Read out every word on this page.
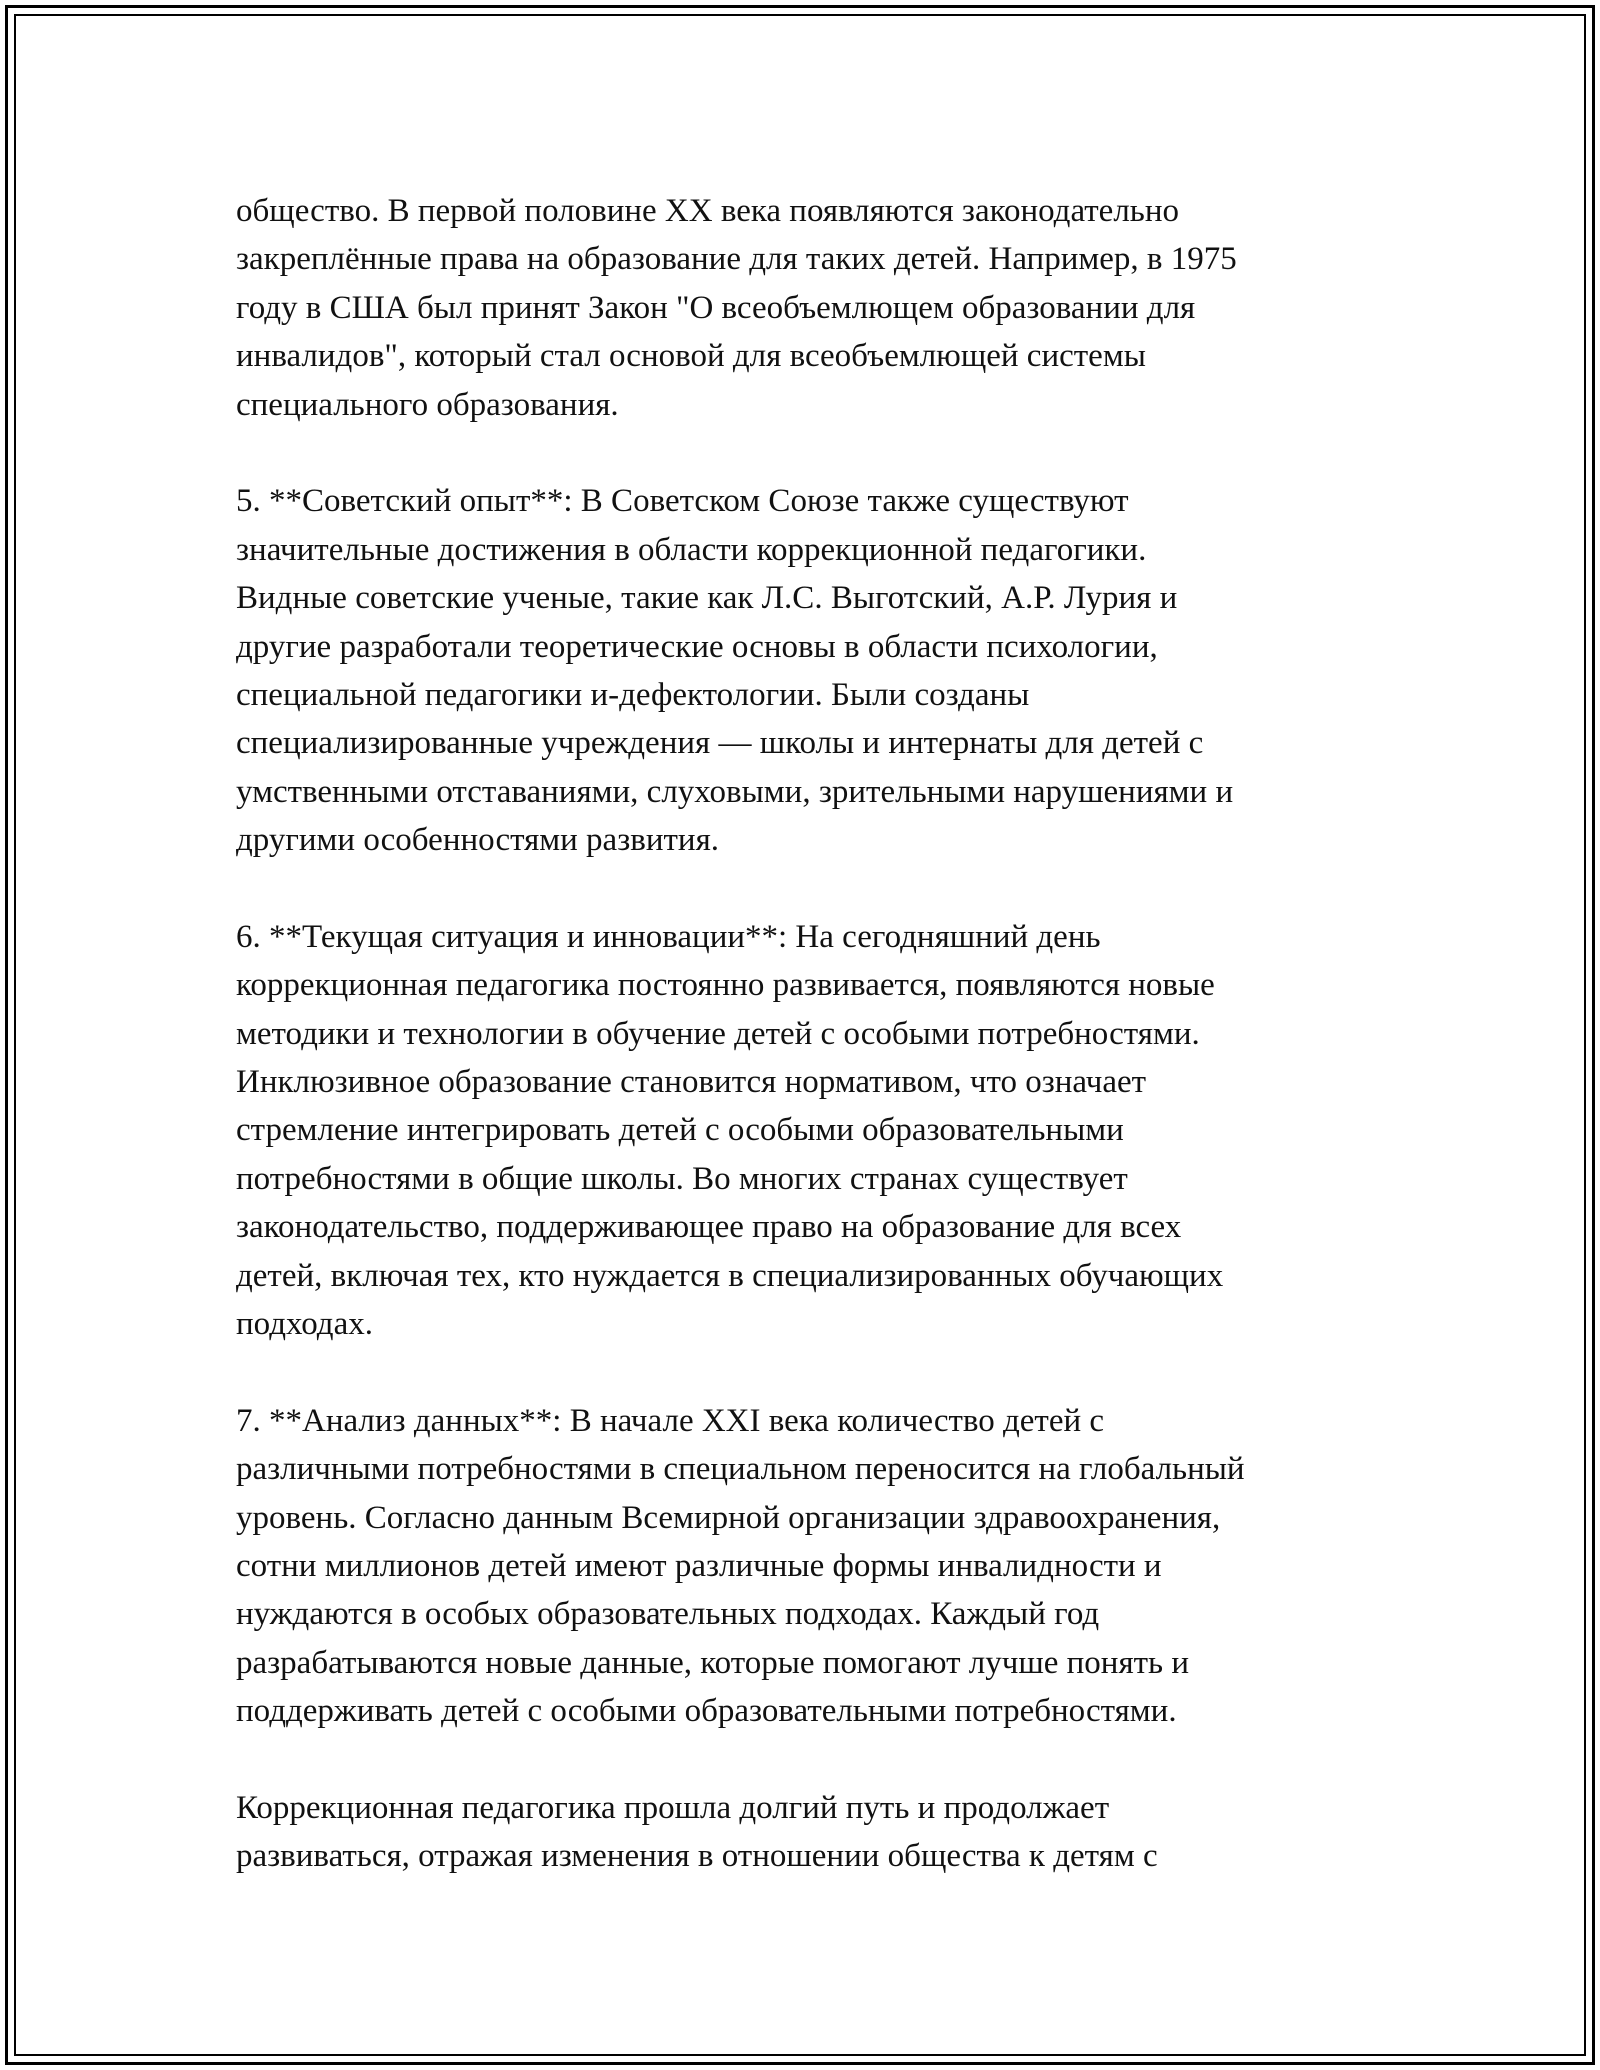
общество. В первой половине XX века появляются законодательно
закреплённые права на образование для таких детей. Например, в 1975
году в США был принят Закон "О всеобъемлющем образовании для
инвалидов", который стал основой для всеобъемлющей системы
специального образования.
5. **Советский опыт**: В Советском Союзе также существуют
значительные достижения в области коррекционной педагогики.
Видные советские ученые, такие как Л.С. Выготский, А.Р. Лурия и
другие разработали теоретические основы в области психологии,
специальной педагогики и-дефектологии. Были созданы
специализированные учреждения — школы и интернаты для детей с
умственными отставаниями, слуховыми, зрительными нарушениями и
другими особенностями развития.
6. **Текущая ситуация и инновации**: На сегодняшний день
коррекционная педагогика постоянно развивается, появляются новые
методики и технологии в обучение детей с особыми потребностями.
Инклюзивное образование становится нормативом, что означает
стремление интегрировать детей с особыми образовательными
потребностями в общие школы. Во многих странах существует
законодательство, поддерживающее право на образование для всех
детей, включая тех, кто нуждается в специализированных обучающих
подходах.
7. **Анализ данных**: В начале XXI века количество детей с
различными потребностями в специальном переносится на глобальный
уровень. Согласно данным Всемирной организации здравоохранения,
сотни миллионов детей имеют различные формы инвалидности и
нуждаются в особых образовательных подходах. Каждый год
разрабатываются новые данные, которые помогают лучше понять и
поддерживать детей с особыми образовательными потребностями.
Коррекционная педагогика прошла долгий путь и продолжает
развиваться, отражая изменения в отношении общества к детям с
